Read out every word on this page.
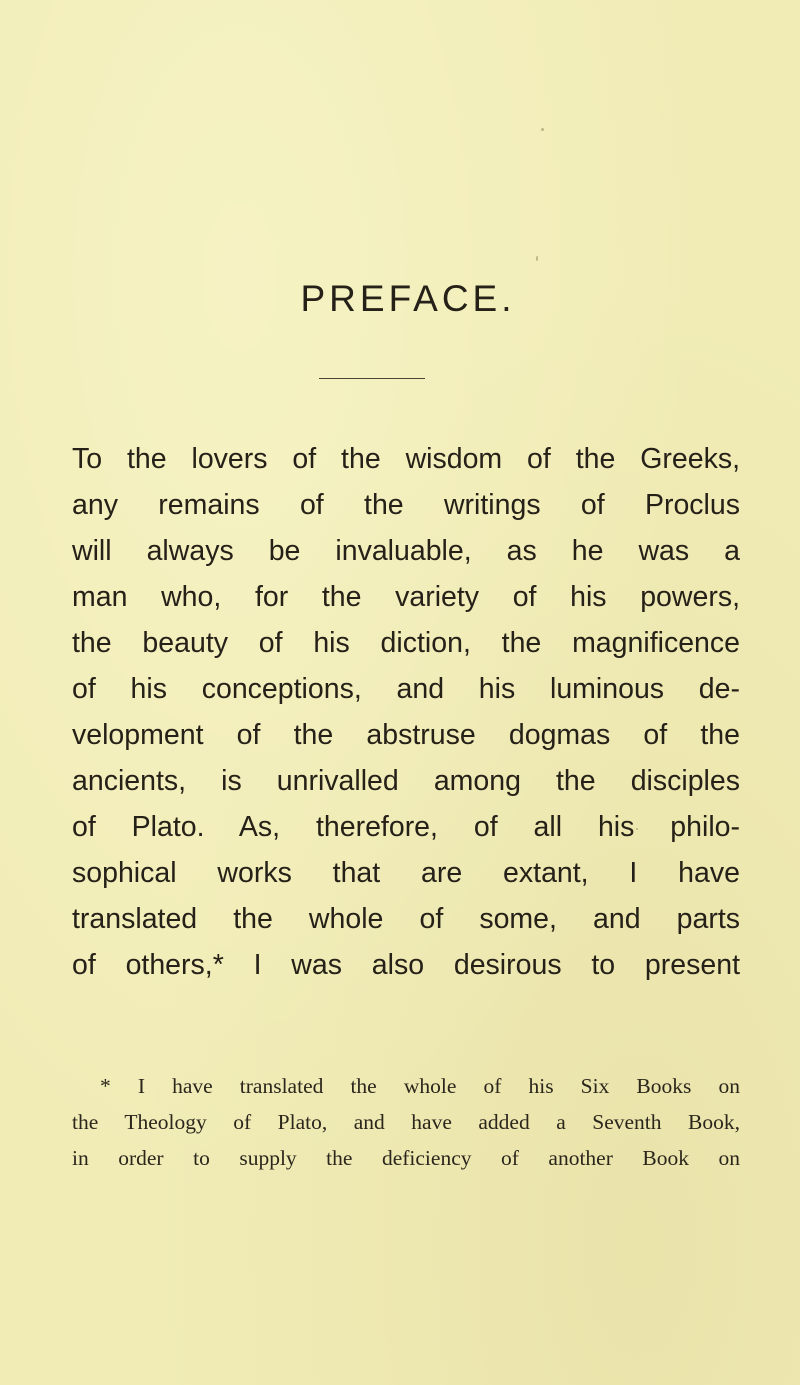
PREFACE.
To the lovers of the wisdom of the Greeks,
any remains of the writings of Proclus
will always be invaluable, as he was a
man who, for the variety of his powers,
the beauty of his diction, the magnificence
of his conceptions, and his luminous de-
velopment of the abstruse dogmas of the
ancients, is unrivalled among the disciples
of Plato. As, therefore, of all his philo-
sophical works that are extant, I have
translated the whole of some, and parts
of others,* I was also desirous to present
* I have translated the whole of his Six Books on
the Theology of Plato, and have added a Seventh Book,
in order to supply the deficiency of another Book on
